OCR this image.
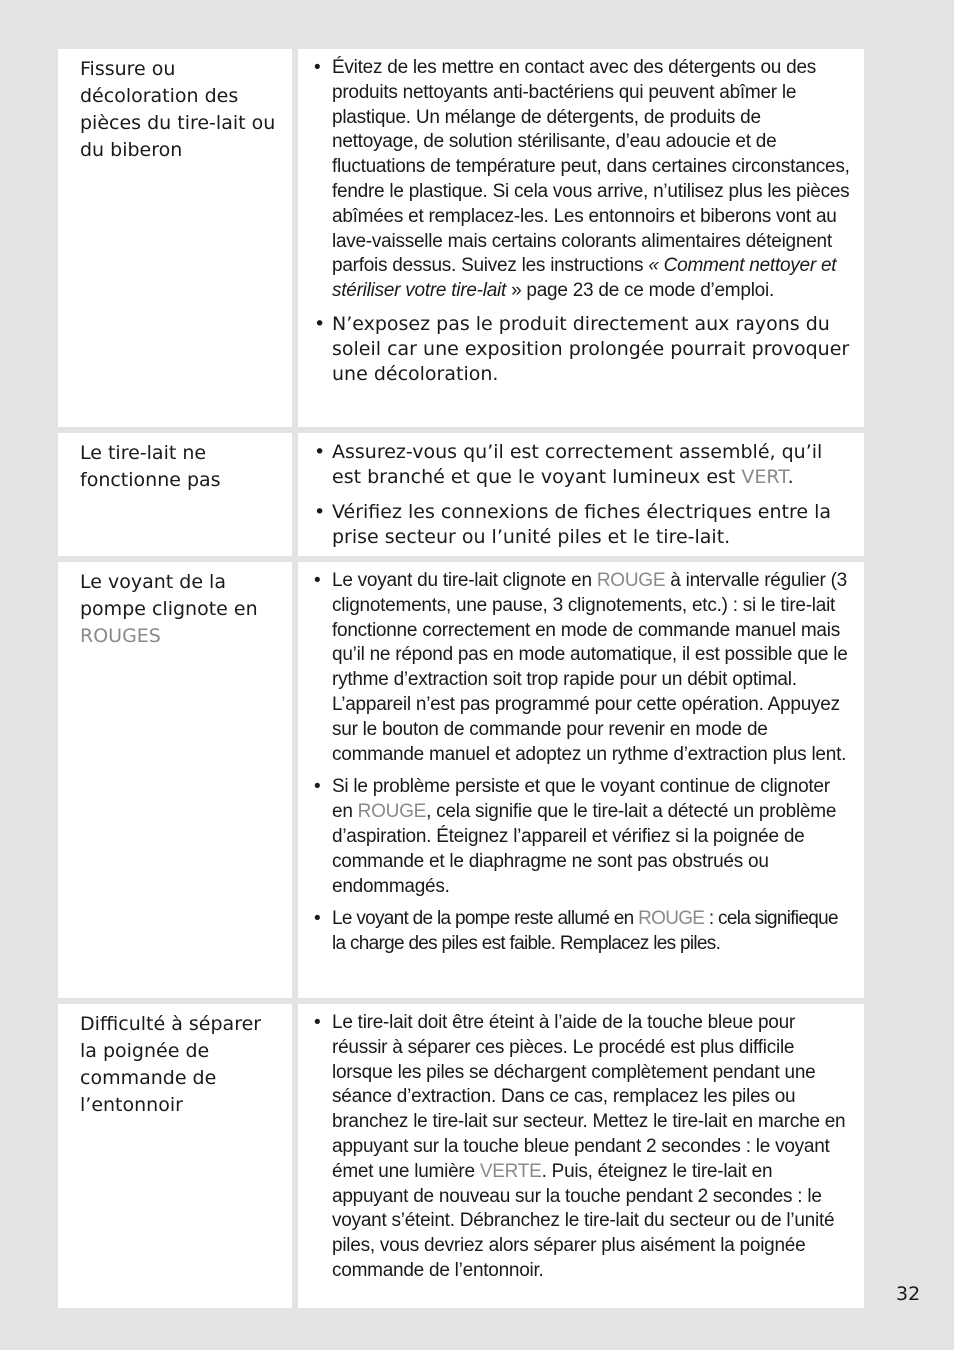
Fissure ou décoloration des pièces du tire-lait ou du biberon
• Évitez de les mettre en contact avec des détergents ou des produits nettoyants anti-bactériens qui peuvent abîmer le plastique. Un mélange de détergents, de produits de nettoyage, de solution stérilisante, d’eau adoucie et de fluctuations de température peut, dans certaines circonstances, fendre le plastique. Si cela vous arrive, n’utilisez plus les pièces abîmées et remplacez-les. Les entonnoirs et biberons vont au lave-vaisselle mais certains colorants alimentaires déteignent parfois dessus. Suivez les instructions « Comment nettoyer et stériliser votre tire-lait » page 23 de ce mode d’emploi.
• N’exposez pas le produit directement aux rayons du soleil car une exposition prolongée pourrait provoquer une décoloration.
Le tire-lait ne fonctionne pas
• Assurez-vous qu’il est correctement assemblé, qu’il est branché et que le voyant lumineux est VERT.
• Vérifiez les connexions de fiches électriques entre la prise secteur ou l’unité piles et le tire-lait.
Le voyant de la pompe clignote en ROUGES
• Le voyant du tire-lait clignote en ROUGE à intervalle régulier (3 clignotements, une pause, 3 clignotements, etc.) : si le tire-lait fonctionne correctement en mode de commande manuel mais qu’il ne répond pas en mode automatique, il est possible que le rythme d’extraction soit trop rapide pour un débit optimal. L’appareil n’est pas programmé pour cette opération. Appuyez sur le bouton de commande pour revenir en mode de commande manuel et adoptez un rythme d’extraction plus lent.
• Si le problème persiste et que le voyant continue de clignoter en ROUGE, cela signifie que le tire-lait a détecté un problème d’aspiration. Éteignez l’appareil et vérifiez si la poignée de commande et le diaphragme ne sont pas obstrués ou endommagés.
• Le voyant de la pompe reste allumé en ROUGE : cela signifieque la charge des piles est faible. Remplacez les piles.
Difficulté à séparer la poignée de commande de l’entonnoir
• Le tire-lait doit être éteint à l’aide de la touche bleue pour réussir à séparer ces pièces. Le procédé est plus difficile lorsque les piles se déchargent complètement pendant une séance d’extraction. Dans ce cas, remplacez les piles ou branchez le tire-lait sur secteur. Mettez le tire-lait en marche en appuyant sur la touche bleue pendant 2 secondes : le voyant émet une lumière VERTE. Puis, éteignez le tire-lait en appuyant de nouveau sur la touche pendant 2 secondes : le voyant s’éteint. Débranchez le tire-lait du secteur ou de l’unité piles, vous devriez alors séparer plus aisément la poignée commande de l’entonnoir.
32
